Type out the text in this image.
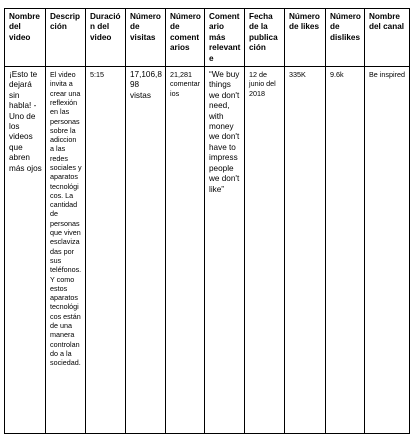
Nombre del video	Descripción	Duración del video	Número de visitas	Número de comentarios	Comentario más relevante	Fecha de la publicación	Número de likes	Número de dislikes	Nombre del canal
¡Esto te dejará sin habla! - Uno de los videos que abren más ojos	El video invita a crear una reflexión en las personas sobre la adiccion a las redes sociales y aparatos tecnológicos. La cantidad de personas que viven esclavizadas por sus teléfonos. Y como estos aparatos tecnológicos están de una manera controlando a la sociedad.	5:15	17,106,898 vistas	21,281 comentarios	“We buy things we don't need, with money we don't have to impress people we don't like”	12 de junio del 2018	335K	9.6k	Be inspired
